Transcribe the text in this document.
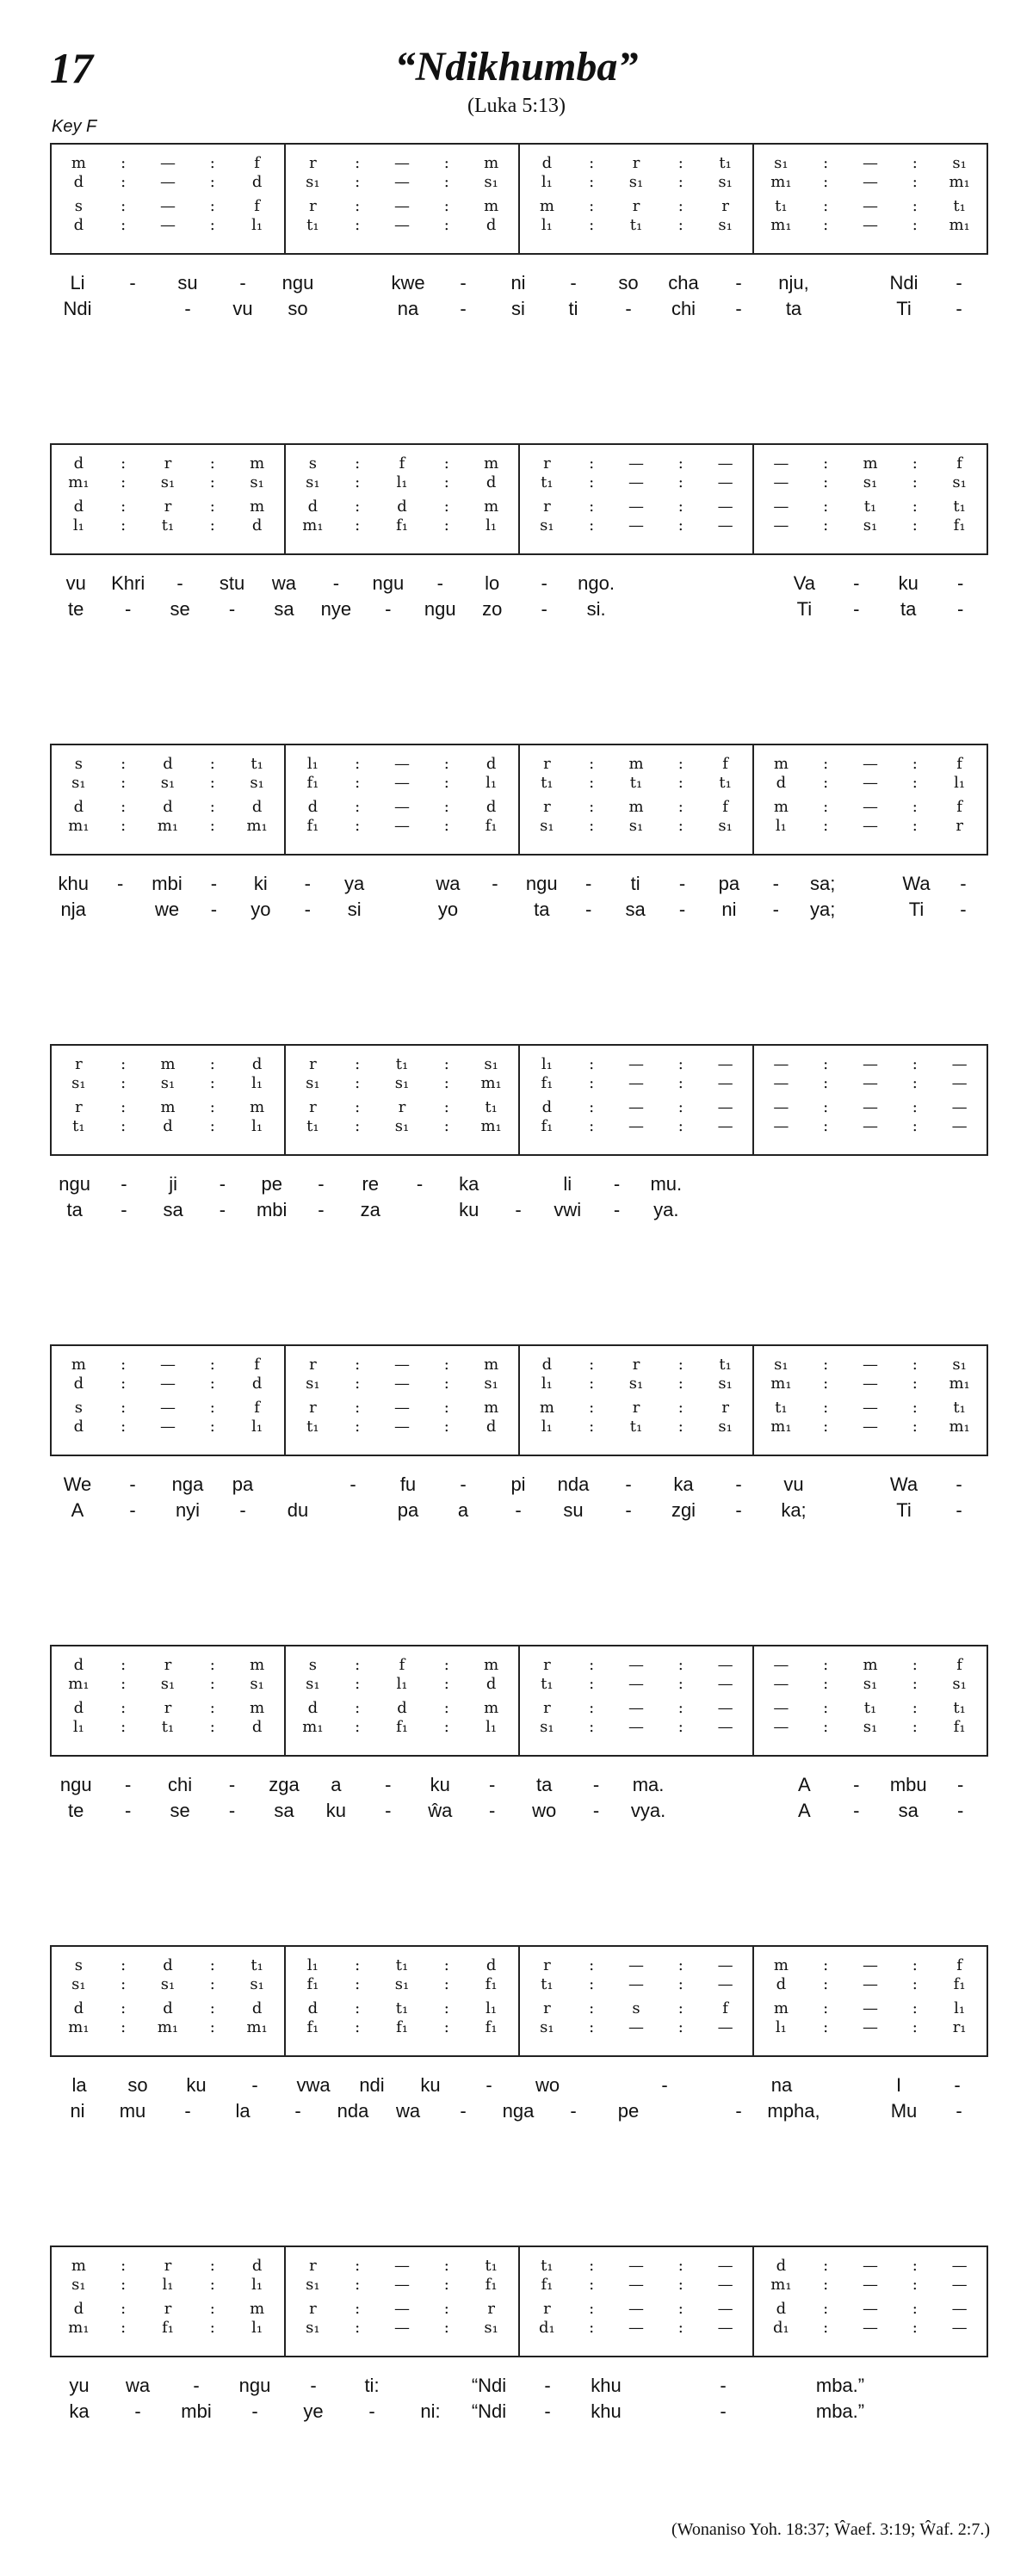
17	“Ndikhumba”
(Luka 5:13)
Key F
m	:	—	:	f
d	:	—	:	d
s	:	—	:	f
d	:	—	:	l₁
r	:	—	:	m
s₁	:	—	:	s₁
r	:	—	:	m
t₁	:	—	:	d
d	:	r	:	t₁
l₁	:	s₁	:	s₁
m	:	r	:	r
l₁	:	t₁	:	s₁
s₁	:	—	:	s₁
m₁	:	—	:	m₁
t₁	:	—	:	t₁
m₁	:	—	:	m₁
Li	-	su	-	ngu	kwe	-	ni	-	so	cha	-	nju,	Ndi	-
Ndi	-	vu	so	na	-	si	ti	-	chi	-	ta	Ti	-
d	:	r	:	m
m₁	:	s₁	:	s₁
d	:	r	:	m
l₁	:	t₁	:	d
s	:	f	:	m
s₁	:	l₁	:	d
d	:	d	:	m
m₁	:	f₁	:	l₁
r	:	—	:	—
t₁	:	—	:	—
r	:	—	:	—
s₁	:	—	:	—
—	:	m	:	f
—	:	s₁	:	s₁
—	:	t₁	:	t₁
—	:	s₁	:	f₁
vu	Khri	-	stu	wa	-	ngu	-	lo	-	ngo.	Va	-	ku	-
te	-	se	-	sa	nye	-	ngu	zo	-	si.	Ti	-	ta	-
s	:	d	:	t₁
s₁	:	s₁	:	s₁
d	:	d	:	d
m₁	:	m₁	:	m₁
l₁	:	—	:	d
f₁	:	—	:	l₁
d	:	—	:	d
f₁	:	—	:	f₁
r	:	m	:	f
t₁	:	t₁	:	t₁
r	:	m	:	f
s₁	:	s₁	:	s₁
m	:	—	:	f
d	:	—	:	l₁
m	:	—	:	f
l₁	:	—	:	r
khu	-	mbi	-	ki	-	ya	wa	-	ngu	-	ti	-	pa	-	sa;	Wa	-
nja	we	-	yo	-	si	yo	ta	-	sa	-	ni	-	ya;	Ti	-
r	:	m	:	d
s₁	:	s₁	:	l₁
r	:	m	:	m
t₁	:	d	:	l₁
r	:	t₁	:	s₁
s₁	:	s₁	:	m₁
r	:	r	:	t₁
t₁	:	s₁	:	m₁
l₁	:	—	:	—
f₁	:	—	:	—
d	:	—	:	—
f₁	:	—	:	—
—	:	—	:	—
—	:	—	:	—
—	:	—	:	—
—	:	—	:	—
ngu	-	ji	-	pe	-	re	-	ka	li	-	mu.
ta	-	sa	-	mbi	-	za	ku	-	vwi	-	ya.
m	:	—	:	f
d	:	—	:	d
s	:	—	:	f
d	:	—	:	l₁
r	:	—	:	m
s₁	:	—	:	s₁
r	:	—	:	m
t₁	:	—	:	d
d	:	r	:	t₁
l₁	:	s₁	:	s₁
m	:	r	:	r
l₁	:	t₁	:	s₁
s₁	:	—	:	s₁
m₁	:	—	:	m₁
t₁	:	—	:	t₁
m₁	:	—	:	m₁
We	-	nga	pa	-	fu	-	pi	nda	-	ka	-	vu	Wa	-
A	-	nyi	-	du	pa	a	-	su	-	zgi	-	ka;	Ti	-
d	:	r	:	m
m₁	:	s₁	:	s₁
d	:	r	:	m
l₁	:	t₁	:	d
s	:	f	:	m
s₁	:	l₁	:	d
d	:	d	:	m
m₁	:	f₁	:	l₁
r	:	—	:	—
t₁	:	—	:	—
r	:	—	:	—
s₁	:	—	:	—
—	:	m	:	f
—	:	s₁	:	s₁
—	:	t₁	:	t₁
—	:	s₁	:	f₁
ngu	-	chi	-	zga	a	-	ku	-	ta	-	ma.	A	-	mbu	-
te	-	se	-	sa	ku	-	ŵa	-	wo	-	vya.	A	-	sa	-
s	:	d	:	t₁
s₁	:	s₁	:	s₁
d	:	d	:	d
m₁	:	m₁	:	m₁
l₁	:	t₁	:	d
f₁	:	s₁	:	f₁
d	:	t₁	:	l₁
f₁	:	f₁	:	f₁
r	:	—	:	—
t₁	:	—	:	—
r	:	s	:	f
s₁	:	—	:	—
m	:	—	:	f
d	:	—	:	f₁
m	:	—	:	l₁
l₁	:	—	:	r₁
la	so	ku	-	vwa	ndi	ku	-	wo	-	na	I	-
ni	mu	-	la	-	nda	wa	-	nga	-	pe	-	mpha,	Mu	-
m	:	r	:	d
s₁	:	l₁	:	l₁
d	:	r	:	m
m₁	:	f₁	:	l₁
r	:	—	:	t₁
s₁	:	—	:	f₁
r	:	—	:	r
s₁	:	—	:	s₁
t₁	:	—	:	—
f₁	:	—	:	—
r	:	—	:	—
d₁	:	—	:	—
d	:	—	:	—
m₁	:	—	:	—
d	:	—	:	—
d₁	:	—	:	—
yu	wa	-	ngu	-	ti:	“Ndi	-	khu	-	mba.”
ka	-	mbi	-	ye	-	ni:	“Ndi	-	khu	-	mba.”
(Wonaniso Yoh. 18:37; Ŵaef. 3:19; Ŵaf. 2:7.)
